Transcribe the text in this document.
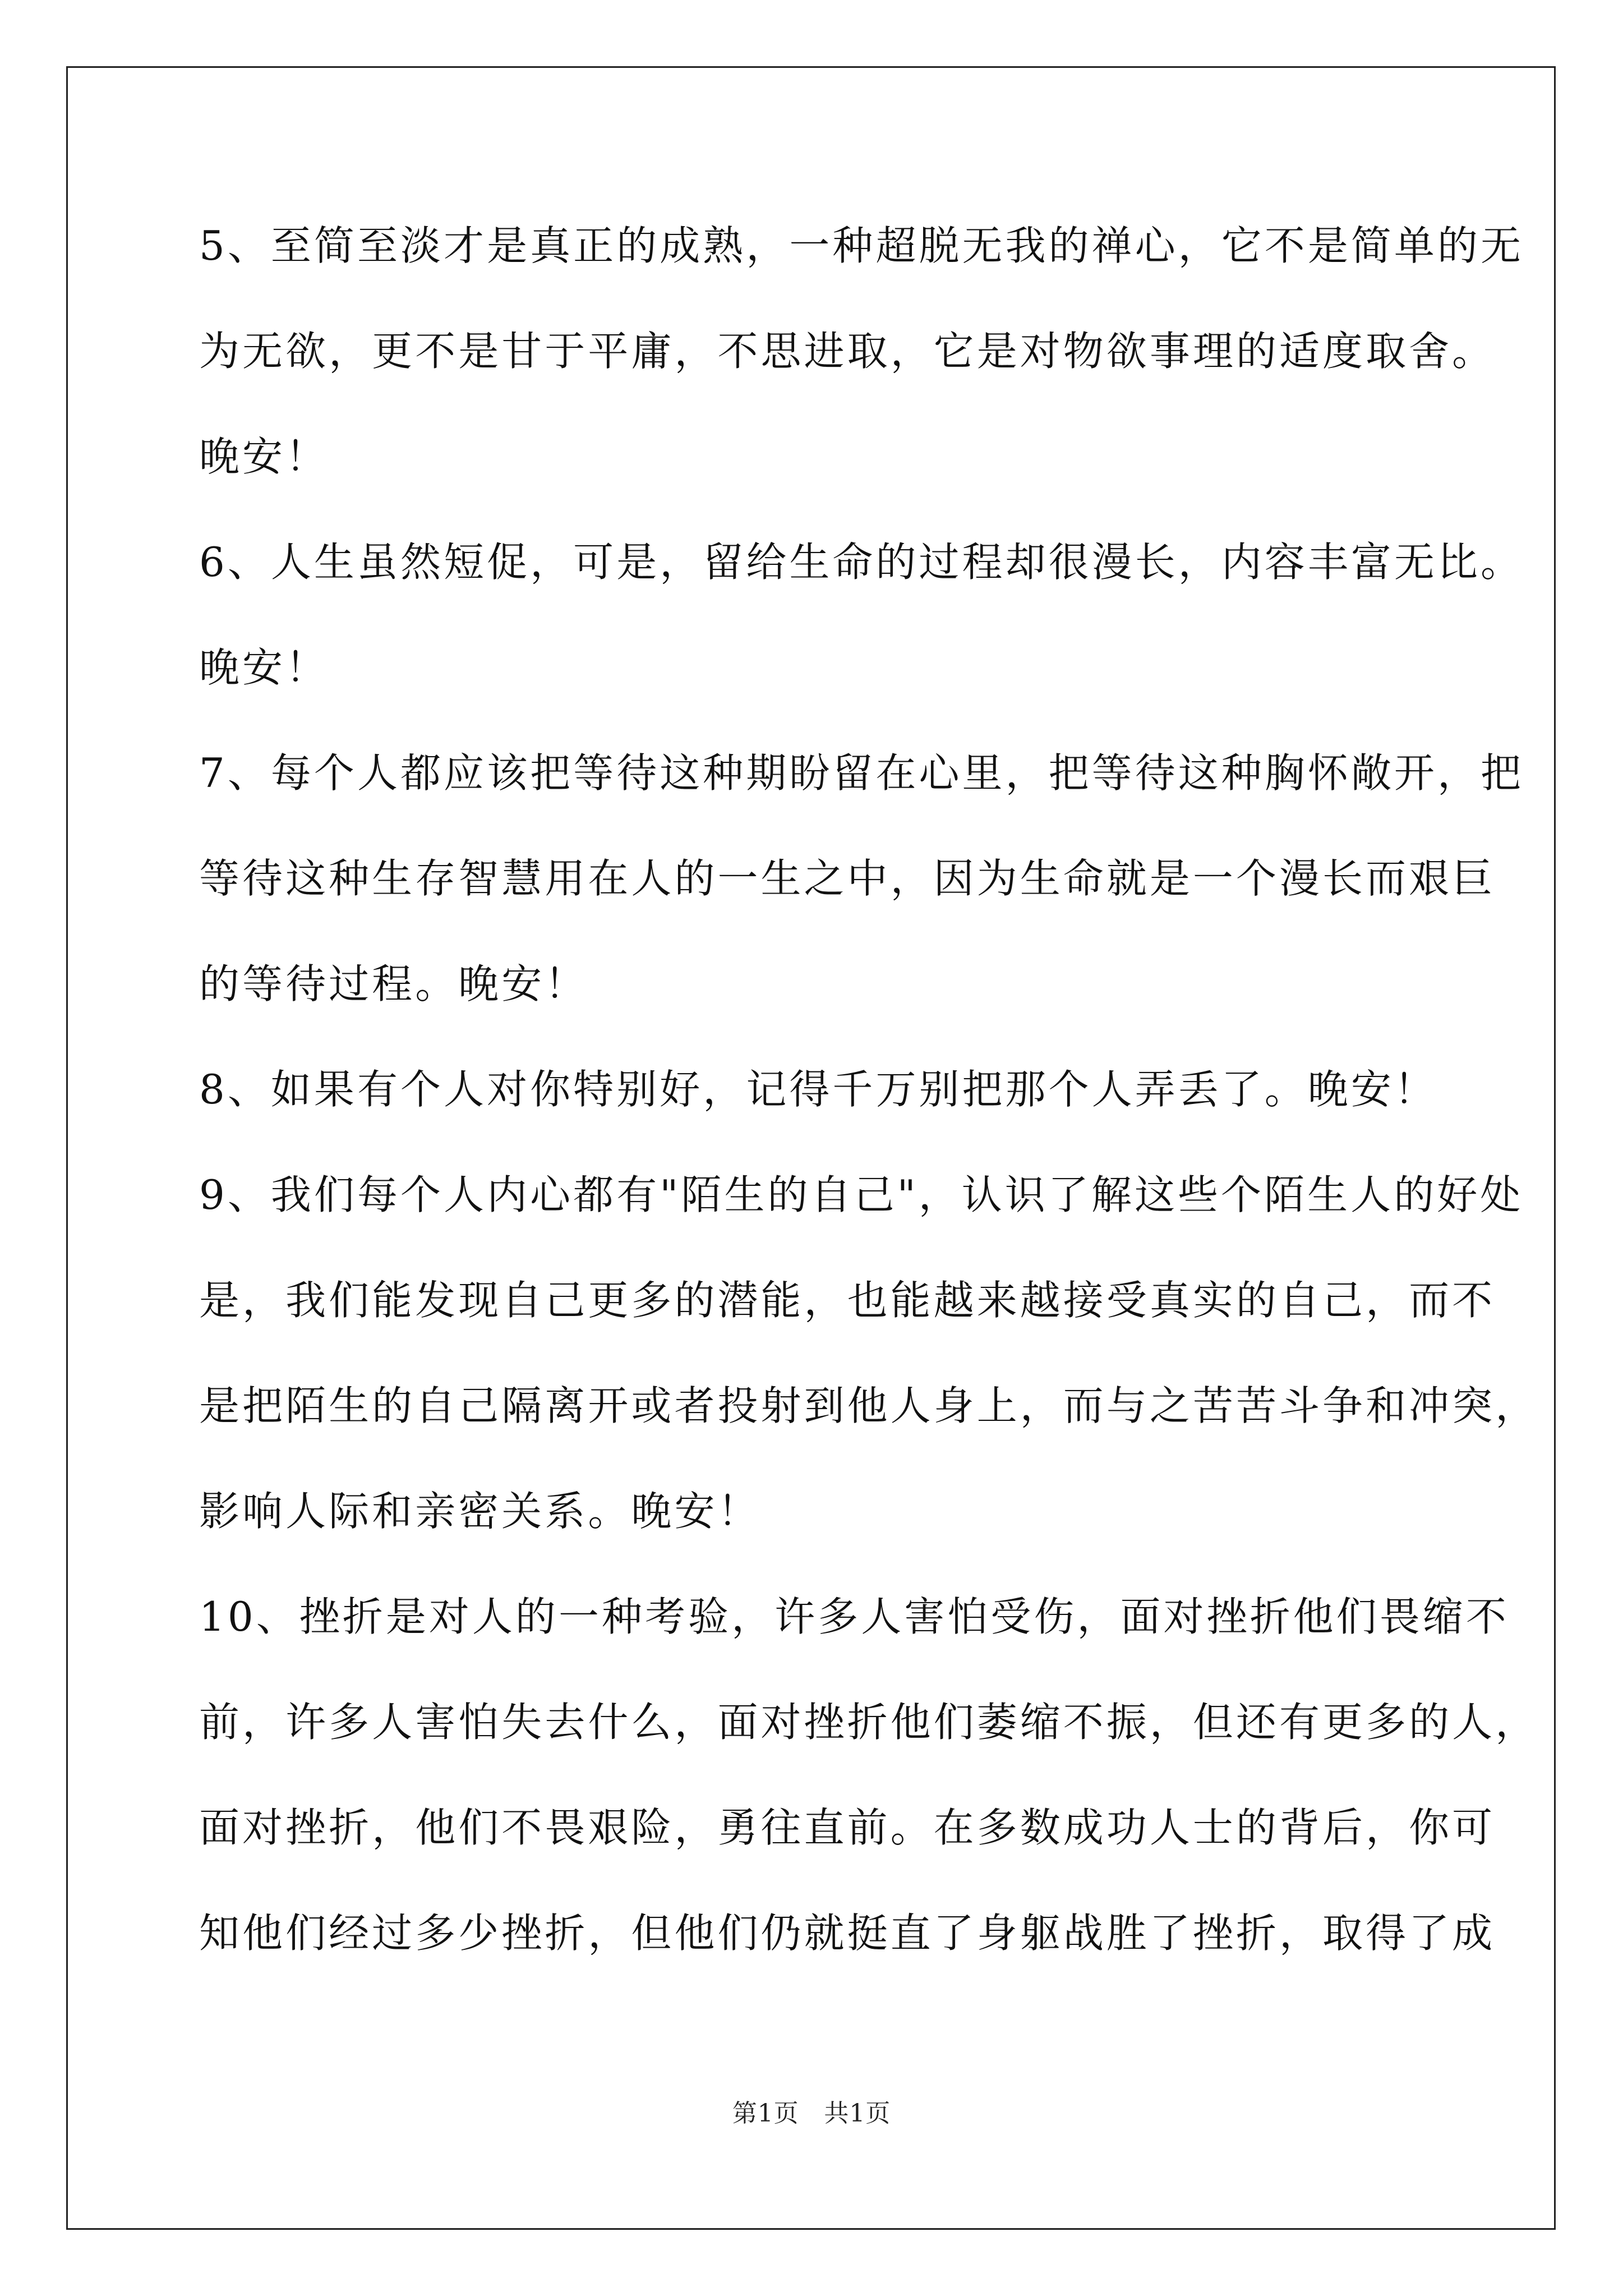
5、至简至淡才是真正的成熟，一种超脱无我的禅心，它不是简单的无
为无欲，更不是甘于平庸，不思进取，它是对物欲事理的适度取舍。
晚安！
6、人生虽然短促，可是，留给生命的过程却很漫长，内容丰富无比。
晚安！
7、每个人都应该把等待这种期盼留在心里，把等待这种胸怀敞开，把
等待这种生存智慧用在人的一生之中，因为生命就是一个漫长而艰巨
的等待过程。晚安！
8、如果有个人对你特别好，记得千万别把那个人弄丢了。晚安！
9、我们每个人内心都有"陌生的自己"，认识了解这些个陌生人的好处
是，我们能发现自己更多的潜能，也能越来越接受真实的自己，而不
是把陌生的自己隔离开或者投射到他人身上，而与之苦苦斗争和冲突，
影响人际和亲密关系。晚安！
10、挫折是对人的一种考验，许多人害怕受伤，面对挫折他们畏缩不
前，许多人害怕失去什么，面对挫折他们萎缩不振，但还有更多的人，
面对挫折，他们不畏艰险，勇往直前。在多数成功人士的背后，你可
知他们经过多少挫折，但他们仍就挺直了身躯战胜了挫折，取得了成
第1页　共1页
